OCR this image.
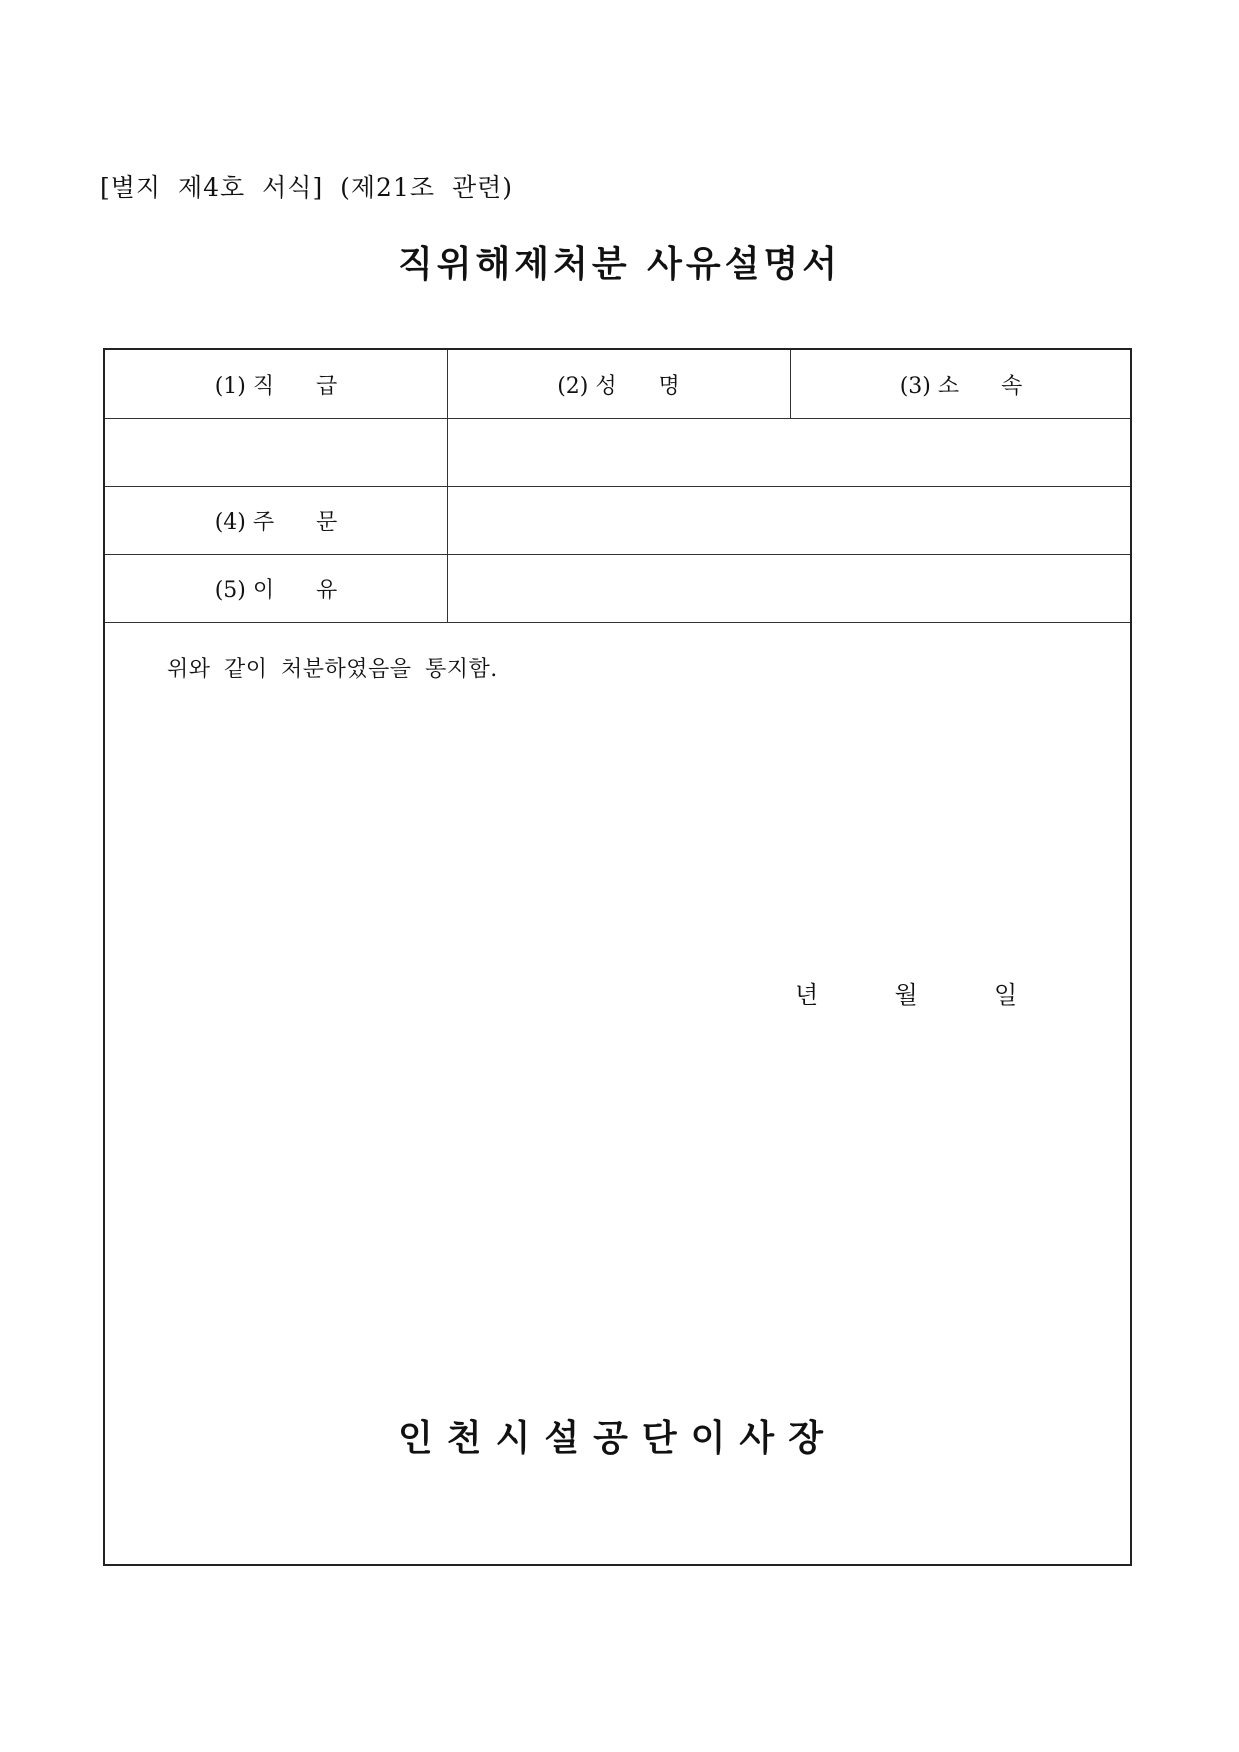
[별지 제4호 서식] (제21조 관련)
직위해제처분 사유설명서
(1) 직      급	(2) 성      명	(3) 소      속
(4) 주      문
(5) 이      유
위와 같이 처분하였음을 통지함.
년          월          일
인천시설공단이사장
